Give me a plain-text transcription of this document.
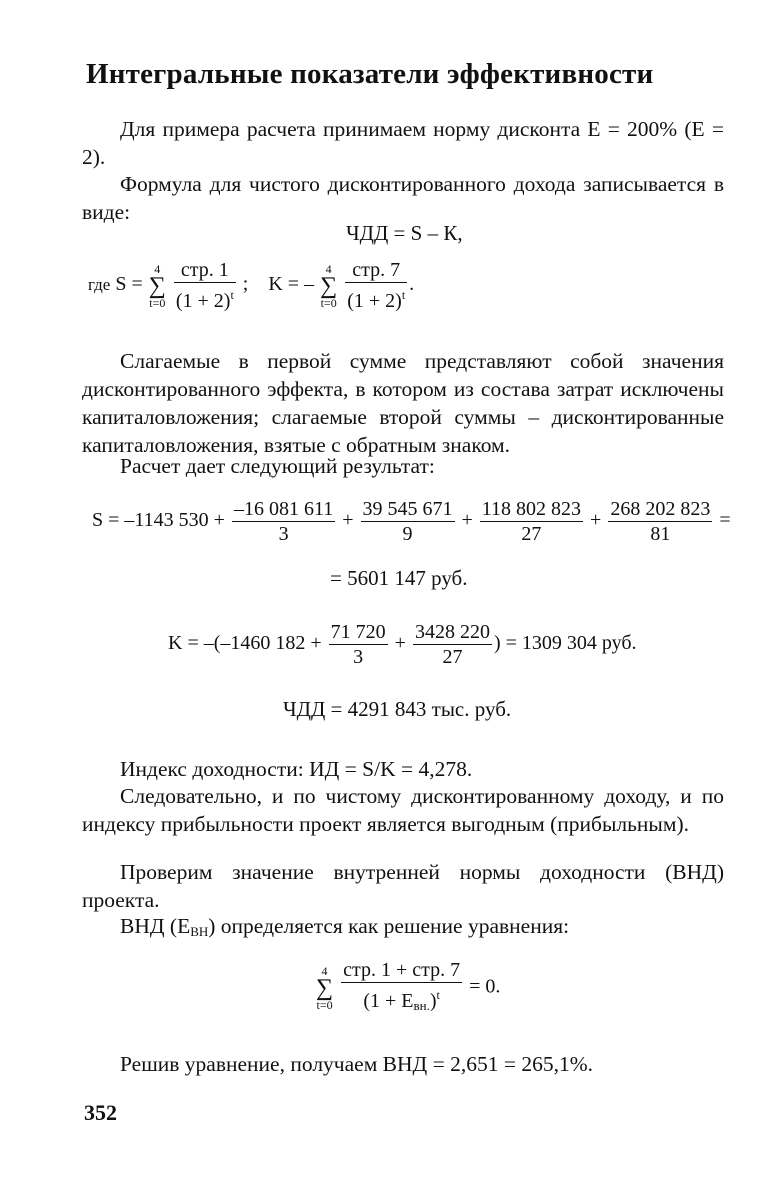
Интегральные показатели эффективности
Для примера расчета принимаем норму дисконта Е = 200% (Е = 2).
Формула для чистого дисконтированного дохода записывается в виде:
ЧДД = S – К,
где S =
4
∑
t=0
$\frac{\text{стр. 1}}{(1 + 2)^t}$ ; K = –
4
∑
t=0
$\frac{\text{стр. 7}}{(1 + 2)^t}$ .
Слагаемые в первой сумме представляют собой значения дисконтированного эффекта, в котором из состава затрат исключены капиталовложения; слагаемые второй суммы – дисконтированные капиталовложения, взятые с обратным знаком.
Расчет дает следующий результат:
S = –1143 $530 + \frac{-16 081 611}{3} + \frac{39 545 671}{9} + \frac{118 802 823}{27} + \frac{268 202 823}{81}$ =
= 5601 147 руб.
K = –(–1460 $182 + \frac{71 720}{3} + \frac{3428 220}{27}$ ) = 1309 304 руб.
ЧДД = 4291 843 тыс. руб.
Индекс доходности: ИД = S/K = 4,278.
Следовательно, и по чистому дисконтированному доходу, и по индексу прибыльности проект является выгодным (прибыльным).
Проверим значение внутренней нормы доходности (ВНД) проекта.
ВНД $(Е_{ВН})$ определяется как решение уравнения:
4
∑
t=0
$\frac{\text{стр. 1 + стр. 7}}{(1 + E_{вн.})^t} = 0$.
Решив уравнение, получаем ВНД = 2,651 = 265,1%.
352
